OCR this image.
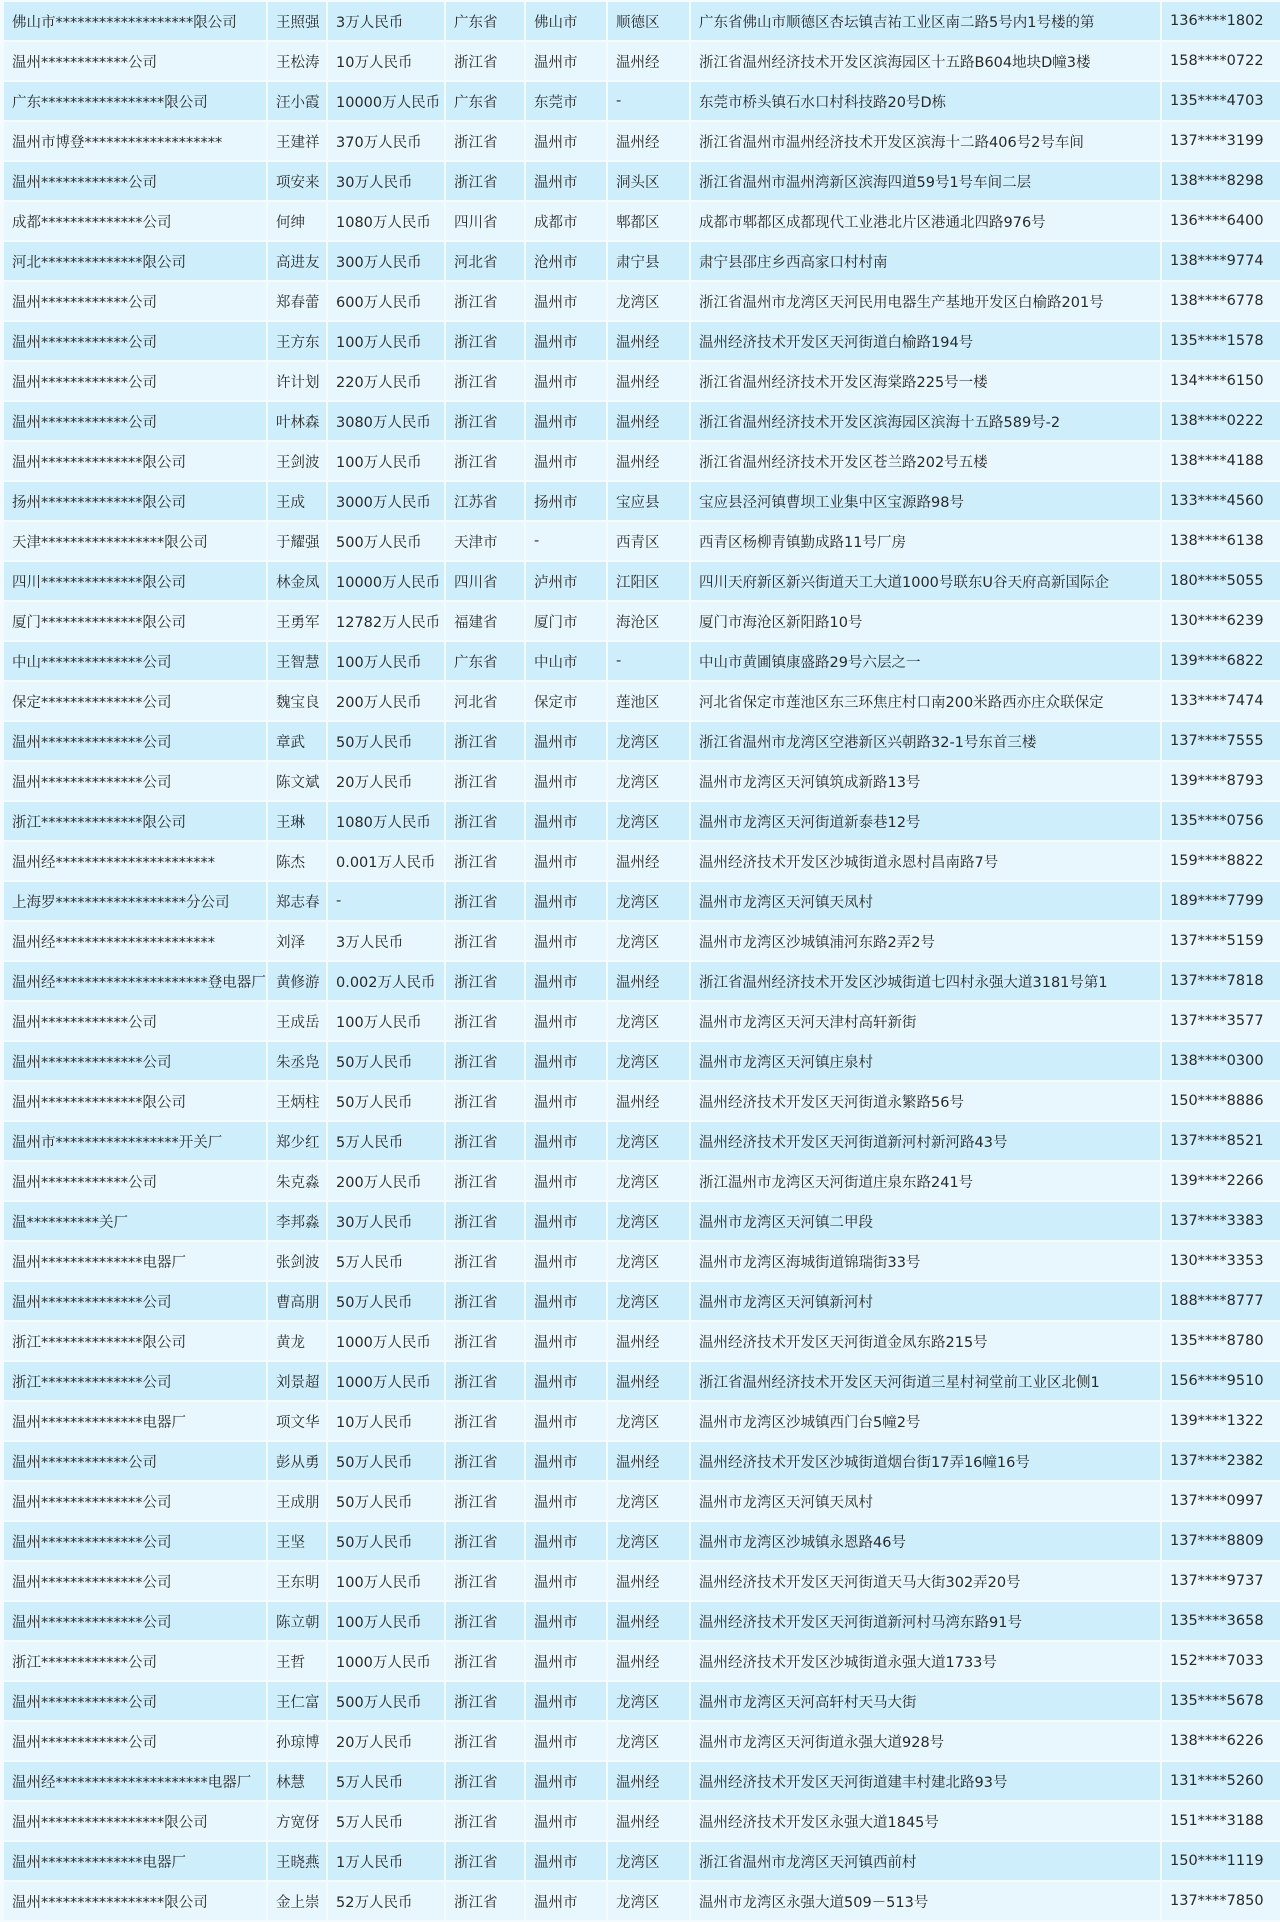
佛山市*******************限公司	王照强	3万人民币	广东省	佛山市	顺德区	广东省佛山市顺德区杏坛镇吉祐工业区南二路5号内1号楼的第	136****1802
温州************公司	王松涛	10万人民币	浙江省	温州市	温州经	浙江省温州经济技术开发区滨海园区十五路B604地块D幢3楼	158****0722
广东*****************限公司	汪小霞	10000万人民币	广东省	东莞市	-	东莞市桥头镇石水口村科技路20号D栋	135****4703
温州市博登*******************	王建祥	370万人民币	浙江省	温州市	温州经	浙江省温州市温州经济技术开发区滨海十二路406号2号车间	137****3199
温州************公司	项安来	30万人民币	浙江省	温州市	洞头区	浙江省温州市温州湾新区滨海四道59号1号车间二层	138****8298
成都**************公司	何绅	1080万人民币	四川省	成都市	郫都区	成都市郫都区成都现代工业港北片区港通北四路976号	136****6400
河北**************限公司	高进友	300万人民币	河北省	沧州市	肃宁县	肃宁县邵庄乡西高家口村村南	138****9774
温州************公司	郑春蕾	600万人民币	浙江省	温州市	龙湾区	浙江省温州市龙湾区天河民用电器生产基地开发区白榆路201号	138****6778
温州************公司	王方东	100万人民币	浙江省	温州市	温州经	温州经济技术开发区天河街道白榆路194号	135****1578
温州************公司	许计划	220万人民币	浙江省	温州市	温州经	浙江省温州经济技术开发区海棠路225号一楼	134****6150
温州************公司	叶林森	3080万人民币	浙江省	温州市	温州经	浙江省温州经济技术开发区滨海园区滨海十五路589号-2	138****0222
温州**************限公司	王剑波	100万人民币	浙江省	温州市	温州经	浙江省温州经济技术开发区苍兰路202号五楼	138****4188
扬州**************限公司	王成	3000万人民币	江苏省	扬州市	宝应县	宝应县泾河镇曹坝工业集中区宝源路98号	133****4560
天津*****************限公司	于耀强	500万人民币	天津市	-	西青区	西青区杨柳青镇勤成路11号厂房	138****6138
四川**************限公司	林金凤	10000万人民币	四川省	泸州市	江阳区	四川天府新区新兴街道天工大道1000号联东U谷天府高新国际企	180****5055
厦门**************限公司	王勇军	12782万人民币	福建省	厦门市	海沧区	厦门市海沧区新阳路10号	130****6239
中山**************公司	王智慧	100万人民币	广东省	中山市	-	中山市黄圃镇康盛路29号六层之一	139****6822
保定**************公司	魏宝良	200万人民币	河北省	保定市	莲池区	河北省保定市莲池区东三环焦庄村口南200米路西亦庄众联保定	133****7474
温州**************公司	章武	50万人民币	浙江省	温州市	龙湾区	浙江省温州市龙湾区空港新区兴朝路32-1号东首三楼	137****7555
温州**************公司	陈文斌	20万人民币	浙江省	温州市	龙湾区	温州市龙湾区天河镇筑成新路13号	139****8793
浙江**************限公司	王琳	1080万人民币	浙江省	温州市	龙湾区	温州市龙湾区天河街道新泰巷12号	135****0756
温州经**********************	陈杰	0.001万人民币	浙江省	温州市	温州经	温州经济技术开发区沙城街道永恩村昌南路7号	159****8822
上海罗******************分公司	郑志春	-	浙江省	温州市	龙湾区	温州市龙湾区天河镇天凤村	189****7799
温州经**********************	刘泽	3万人民币	浙江省	温州市	龙湾区	温州市龙湾区沙城镇浦河东路2弄2号	137****5159
温州经*********************登电器厂	黄修游	0.002万人民币	浙江省	温州市	温州经	浙江省温州经济技术开发区沙城街道七四村永强大道3181号第1	137****7818
温州************公司	王成岳	100万人民币	浙江省	温州市	龙湾区	温州市龙湾区天河天津村高轩新街	137****3577
温州**************公司	朱丞凫	50万人民币	浙江省	温州市	龙湾区	温州市龙湾区天河镇庄泉村	138****0300
温州**************限公司	王炳柱	50万人民币	浙江省	温州市	温州经	温州经济技术开发区天河街道永繁路56号	150****8886
温州市*****************开关厂	郑少红	5万人民币	浙江省	温州市	龙湾区	温州经济技术开发区天河街道新河村新河路43号	137****8521
温州************公司	朱克淼	200万人民币	浙江省	温州市	龙湾区	浙江温州市龙湾区天河街道庄泉东路241号	139****2266
温**********关厂	李邦淼	30万人民币	浙江省	温州市	龙湾区	温州市龙湾区天河镇二甲段	137****3383
温州**************电器厂	张剑波	5万人民币	浙江省	温州市	龙湾区	温州市龙湾区海城街道锦瑞街33号	130****3353
温州**************公司	曹高朋	50万人民币	浙江省	温州市	龙湾区	温州市龙湾区天河镇新河村	188****8777
浙江**************限公司	黄龙	1000万人民币	浙江省	温州市	温州经	温州经济技术开发区天河街道金凤东路215号	135****8780
浙江**************公司	刘景超	1000万人民币	浙江省	温州市	温州经	浙江省温州经济技术开发区天河街道三星村祠堂前工业区北侧1	156****9510
温州**************电器厂	项文华	10万人民币	浙江省	温州市	龙湾区	温州市龙湾区沙城镇西门台5幢2号	139****1322
温州************公司	彭从勇	50万人民币	浙江省	温州市	温州经	温州经济技术开发区沙城街道烟台街17弄16幢16号	137****2382
温州**************公司	王成朋	50万人民币	浙江省	温州市	龙湾区	温州市龙湾区天河镇天凤村	137****0997
温州**************公司	王坚	50万人民币	浙江省	温州市	龙湾区	温州市龙湾区沙城镇永恩路46号	137****8809
温州**************公司	王东明	100万人民币	浙江省	温州市	温州经	温州经济技术开发区天河街道天马大街302弄20号	137****9737
温州**************公司	陈立朝	100万人民币	浙江省	温州市	温州经	温州经济技术开发区天河街道新河村马湾东路91号	135****3658
浙江************公司	王哲	1000万人民币	浙江省	温州市	温州经	温州经济技术开发区沙城街道永强大道1733号	152****7033
温州************公司	王仁富	500万人民币	浙江省	温州市	龙湾区	温州市龙湾区天河高轩村天马大街	135****5678
温州************公司	孙琼博	20万人民币	浙江省	温州市	龙湾区	温州市龙湾区天河街道永强大道928号	138****6226
温州经*********************电器厂	林慧	5万人民币	浙江省	温州市	温州经	温州经济技术开发区天河街道建丰村建北路93号	131****5260
温州*****************限公司	方宽伢	5万人民币	浙江省	温州市	温州经	温州经济技术开发区永强大道1845号	151****3188
温州**************电器厂	王晓燕	1万人民币	浙江省	温州市	龙湾区	浙江省温州市龙湾区天河镇西前村	150****1119
温州*****************限公司	金上崇	52万人民币	浙江省	温州市	龙湾区	温州市龙湾区永强大道509－513号	137****7850
